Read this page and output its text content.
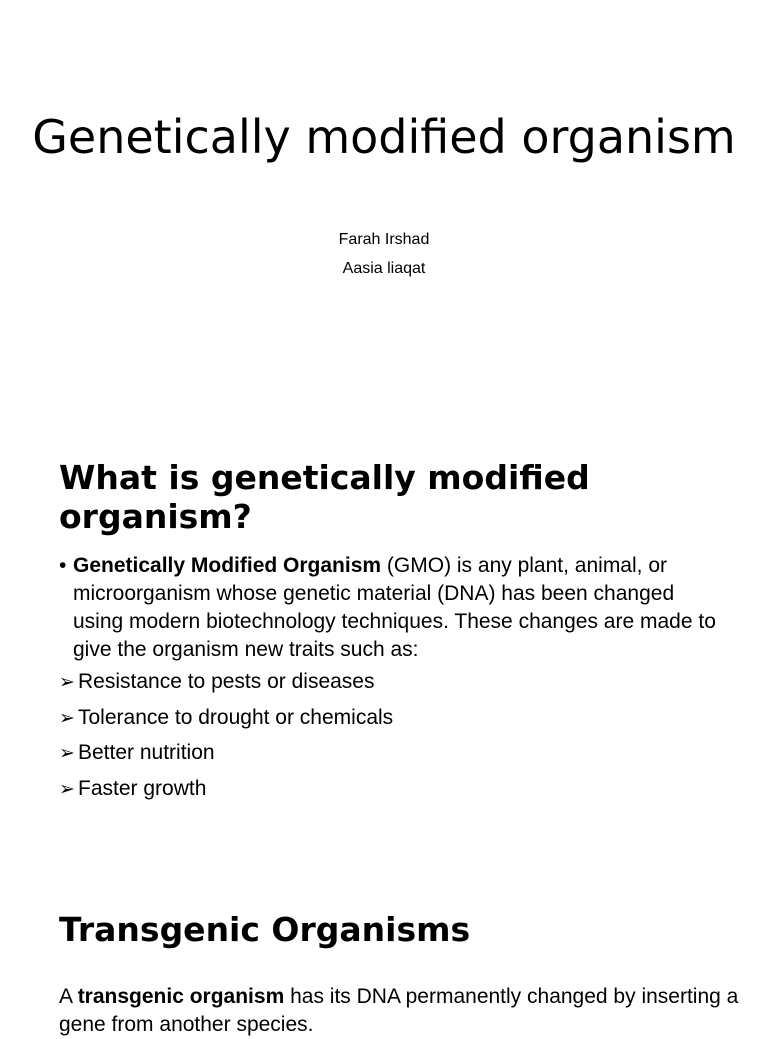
Genetically modified organism

Farah Irshad

Aasia liaqat

What is genetically modified organism?

• Genetically Modified Organism (GMO) is any plant, animal, or microorganism whose genetic material (DNA) has been changed using modern biotechnology techniques. These changes are made to give the organism new traits such as:

➢ Resistance to pests or diseases
➢ Tolerance to drought or chemicals
➢ Better nutrition
➢ Faster growth
Transgenic Organisms

A transgenic organism has its DNA permanently changed by inserting a gene from another species.
